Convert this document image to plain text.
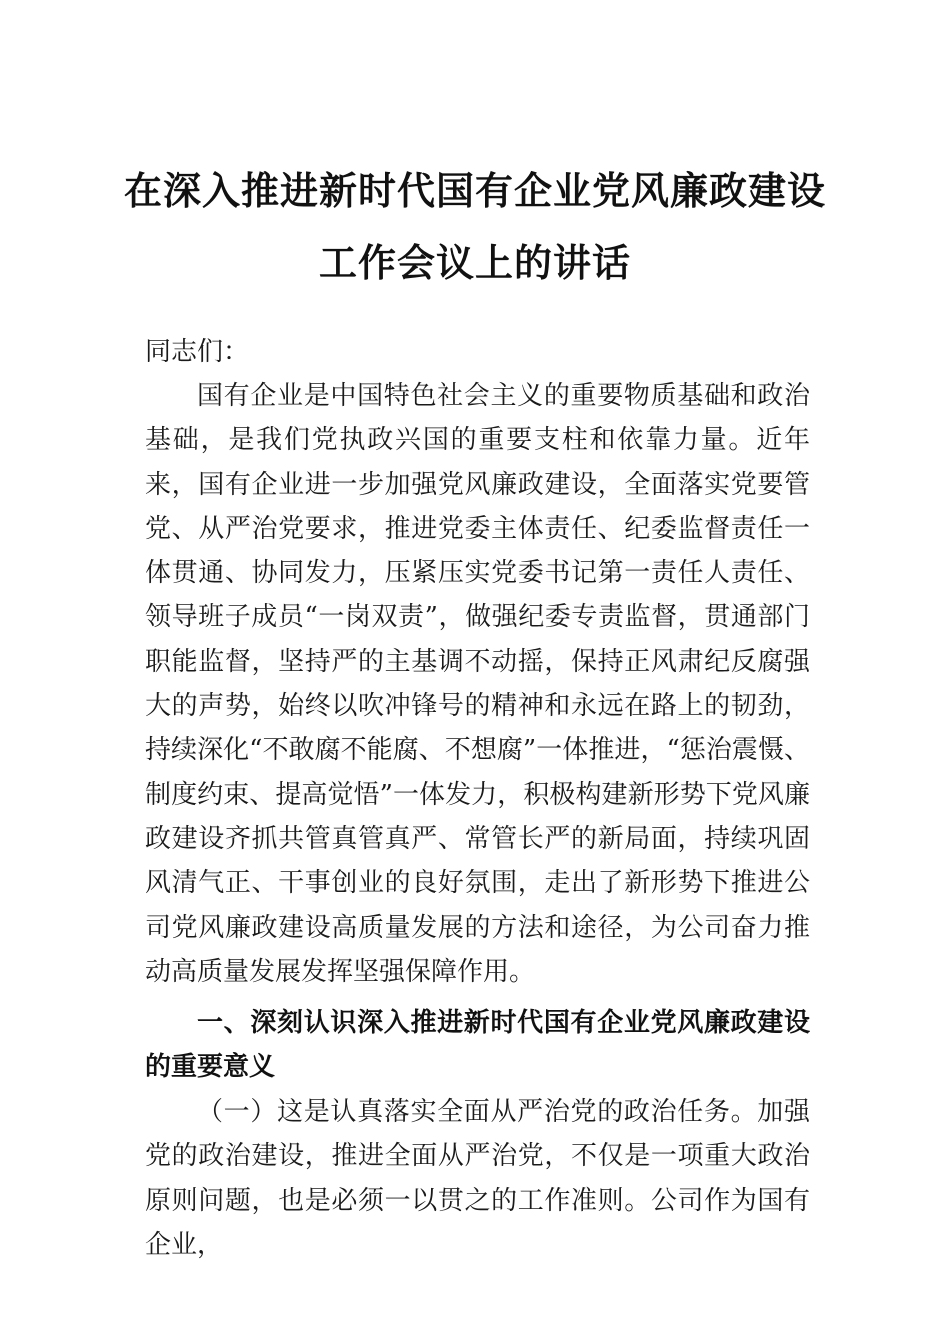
在深入推进新时代国有企业党风廉政建设
工作会议上的讲话

同志们：

国有企业是中国特色社会主义的重要物质基础和政治基础，是我们党执政兴国的重要支柱和依靠力量。近年来，国有企业进一步加强党风廉政建设，全面落实党要管党、从严治党要求，推进党委主体责任、纪委监督责任一体贯通、协同发力，压紧压实党委书记第一责任人责任、领导班子成员“一岗双责”，做强纪委专责监督，贯通部门职能监督，坚持严的主基调不动摇，保持正风肃纪反腐强大的声势，始终以吹冲锋号的精神和永远在路上的韧劲，持续深化“不敢腐不能腐、不想腐”一体推进，“惩治震慑、制度约束、提高觉悟”一体发力，积极构建新形势下党风廉政建设齐抓共管真管真严、常管长严的新局面，持续巩固风清气正、干事创业的良好氛围，走出了新形势下推进公司党风廉政建设高质量发展的方法和途径，为公司奋力推动高质量发展发挥坚强保障作用。

一、深刻认识深入推进新时代国有企业党风廉政建设的重要意义

（一）这是认真落实全面从严治党的政治任务。加强党的政治建设，推进全面从严治党，不仅是一项重大政治原则问题，也是必须一以贯之的工作准则。公司作为国有企业，
